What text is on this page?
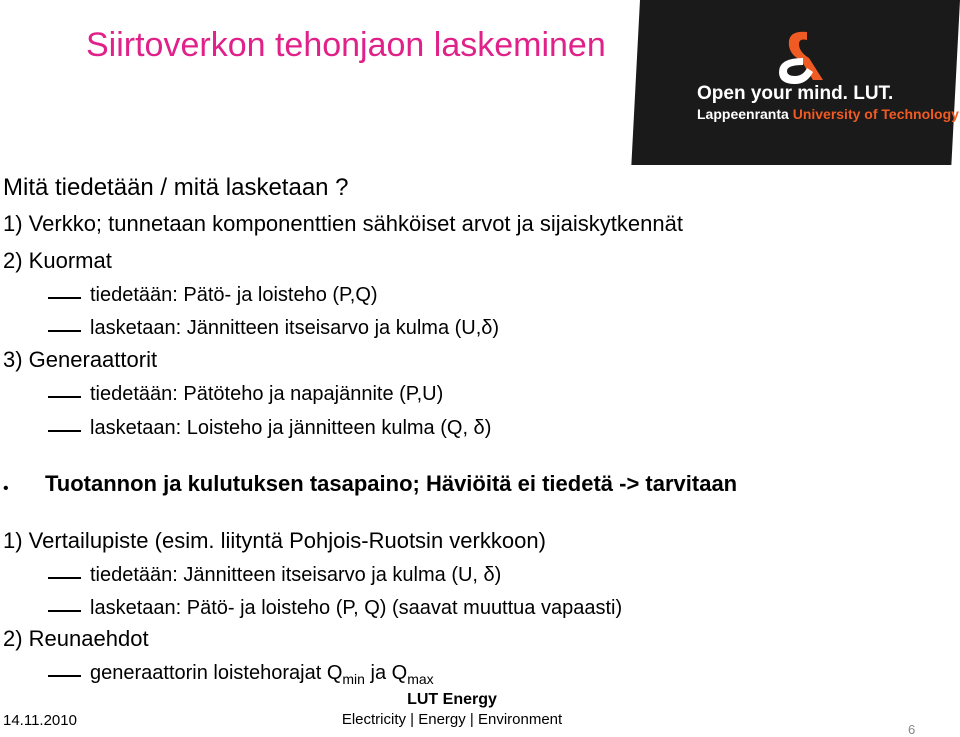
Siirtoverkon tehonjaon laskeminen
Open your mind. LUT.
Lappeenranta University of Technology
Mitä tiedetään / mitä lasketaan ?
1) Verkko; tunnetaan komponenttien sähköiset arvot ja sijaiskytkennät
2) Kuormat
tiedetään: Pätö- ja loisteho (P,Q)
lasketaan: Jännitteen itseisarvo ja kulma (U,δ)
3) Generaattorit
tiedetään: Pätöteho ja napajännite (P,U)
lasketaan: Loisteho ja jännitteen kulma (Q, δ)
• Tuotannon ja kulutuksen tasapaino; Häviöitä ei tiedetä -> tarvitaan
1) Vertailupiste (esim. liityntä Pohjois-Ruotsin verkkoon)
tiedetään: Jännitteen itseisarvo ja kulma (U, δ)
lasketaan: Pätö- ja loisteho (P, Q) (saavat muuttua vapaasti)
2) Reunaehdot
generaattorin loistehorajat $Q_{min}$ ja $Q_{max}$
14.11.2010
LUT Energy
Electricity | Energy | Environment
6
